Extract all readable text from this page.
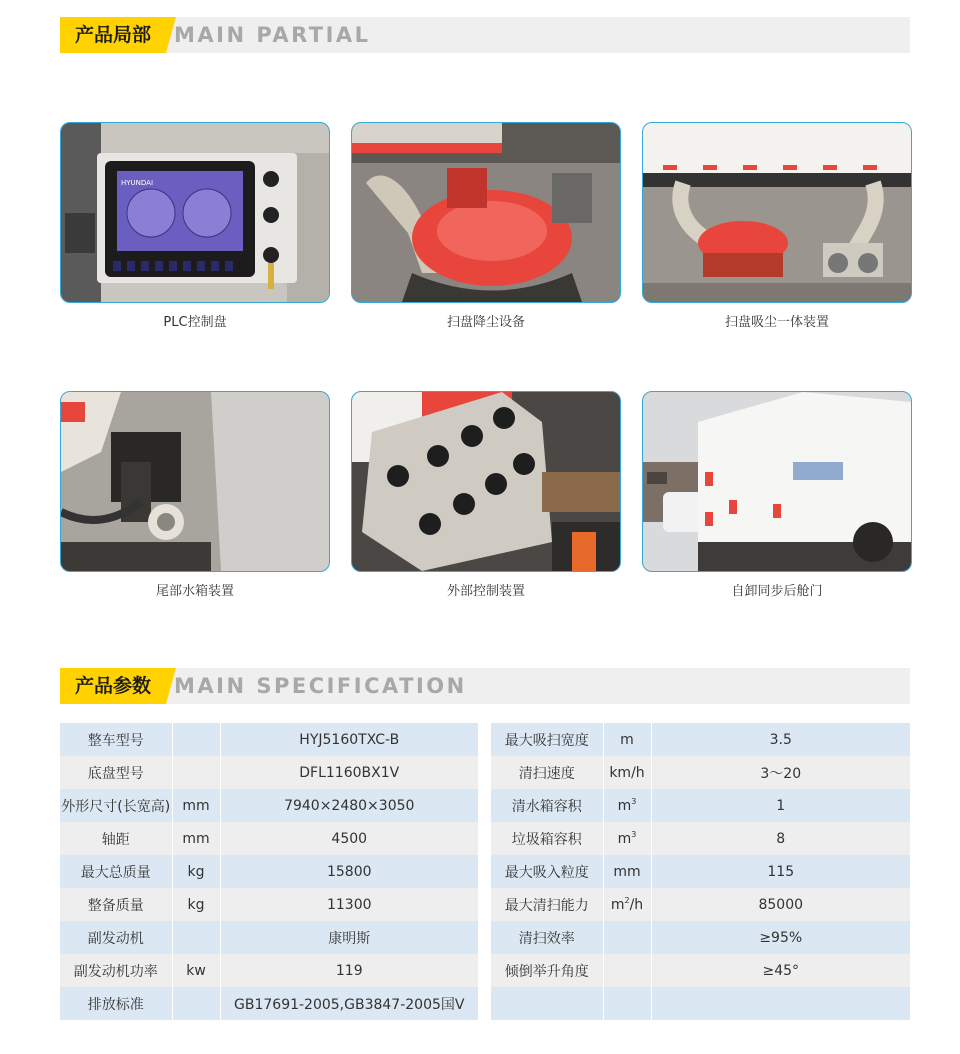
产品局部	MAIN PARTIAL
HYUNDAI
PLC控制盘	扫盘降尘设备	扫盘吸尘一体装置
尾部水箱装置	外部控制装置	自卸同步后舱门
产品参数	MAIN SPECIFICATION
整车型号		HYJ5160TXC-B
底盘型号		DFL1160BX1V
外形尺寸(长宽高)	mm	7940×2480×3050
轴距	mm	4500
最大总质量	kg	15800
整备质量	kg	11300
副发动机		康明斯
副发动机功率	kw	119
排放标准		GB17691-2005,GB3847-2005国V
最大吸扫宽度	m	3.5
清扫速度	km/h	3～20
清水箱容积	$m^3$	1
垃圾箱容积	$m^3$	8
最大吸入粒度	mm	115
最大清扫能力	$m^2/h$	85000
清扫效率		≥95%
倾倒举升角度		≥45°
